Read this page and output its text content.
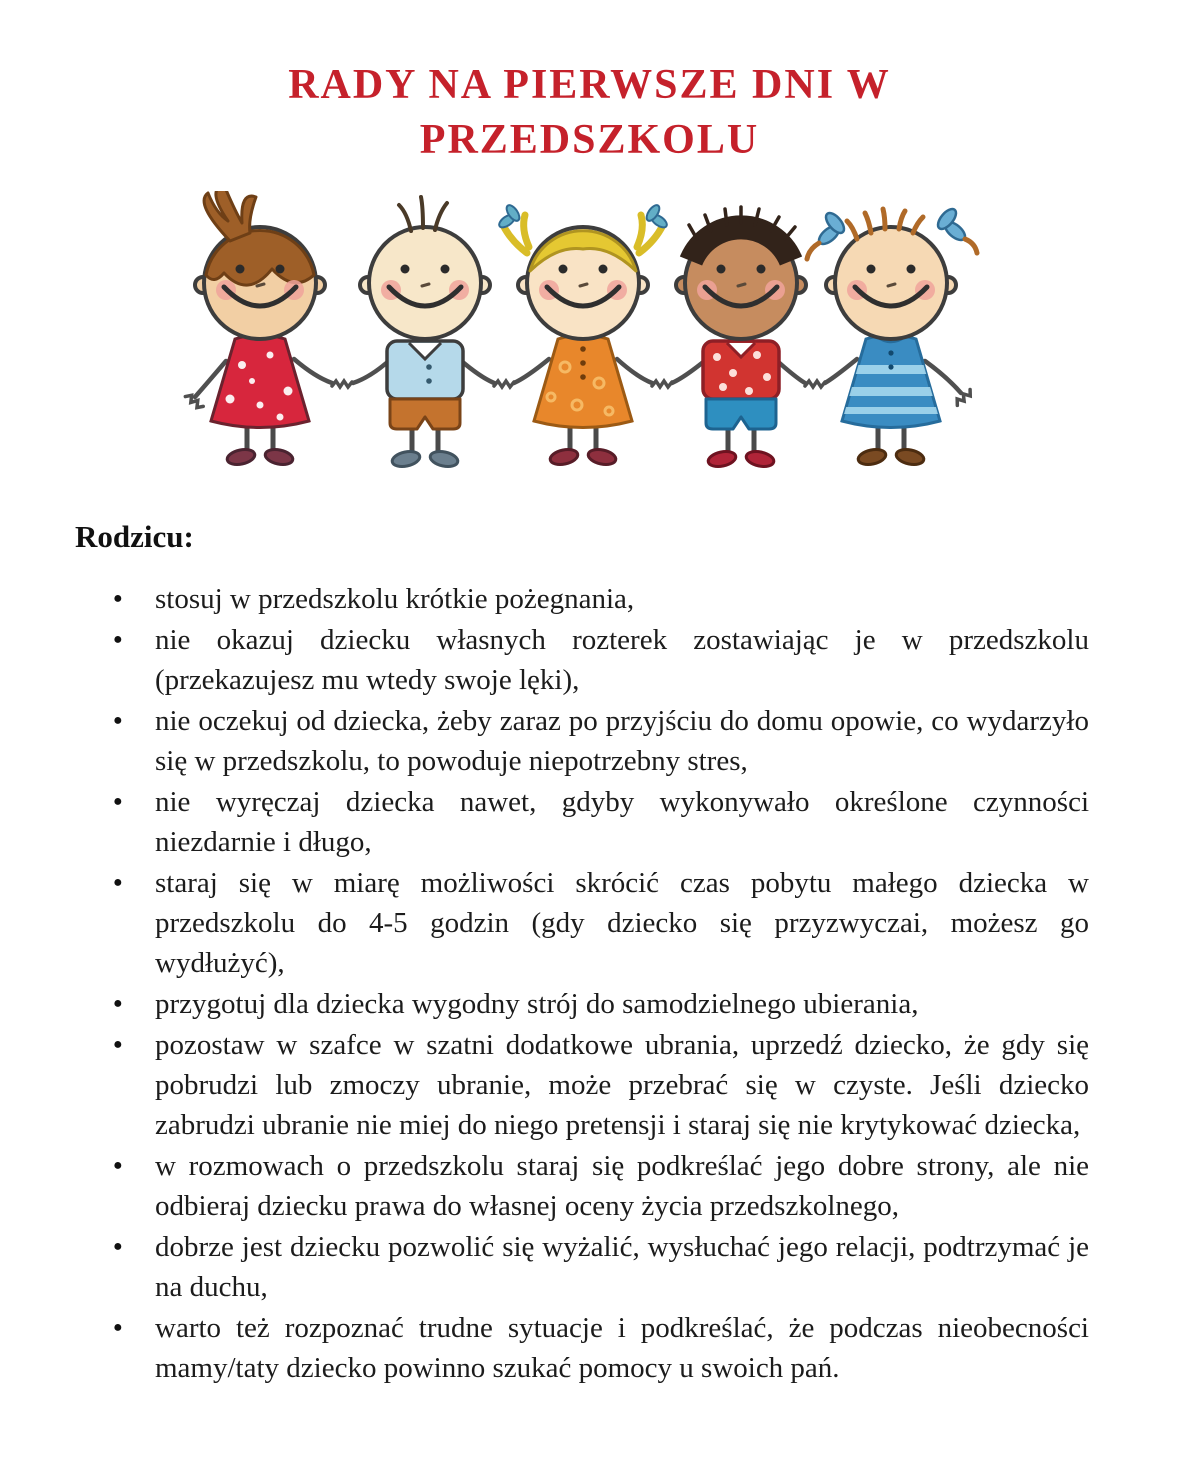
RADY NA PIERWSZE DNI W
PRZEDSZKOLU
Rodzicu:
●	stosuj w przedszkolu krótkie pożegnania,
●	nie okazuj dziecku własnych rozterek zostawiając je w przedszkolu (przekazujesz mu wtedy swoje lęki),
●	nie oczekuj od dziecka, żeby zaraz po przyjściu do domu opowie, co wydarzyło się w przedszkolu, to powoduje niepotrzebny stres,
●	nie wyręczaj dziecka nawet, gdyby wykonywało określone czynności niezdarnie i długo,
●	staraj się w miarę możliwości skrócić czas pobytu małego dziecka w przedszkolu do 4-5 godzin (gdy dziecko się przyzwyczai, możesz go wydłużyć),
●	przygotuj dla dziecka wygodny strój do samodzielnego ubierania,
●	pozostaw w szafce w szatni dodatkowe ubrania, uprzedź dziecko, że gdy się pobrudzi lub zmoczy ubranie, może przebrać się w czyste. Jeśli dziecko zabrudzi ubranie nie miej do niego pretensji i staraj się nie krytykować dziecka,
●	w rozmowach o przedszkolu staraj się podkreślać jego dobre strony, ale nie odbieraj dziecku prawa do własnej oceny życia przedszkolnego,
●	dobrze jest dziecku pozwolić się wyżalić, wysłuchać jego relacji, podtrzymać je na duchu,
●	warto też rozpoznać trudne sytuacje i podkreślać, że podczas nieobecności mamy/taty dziecko powinno szukać pomocy u swoich pań.
